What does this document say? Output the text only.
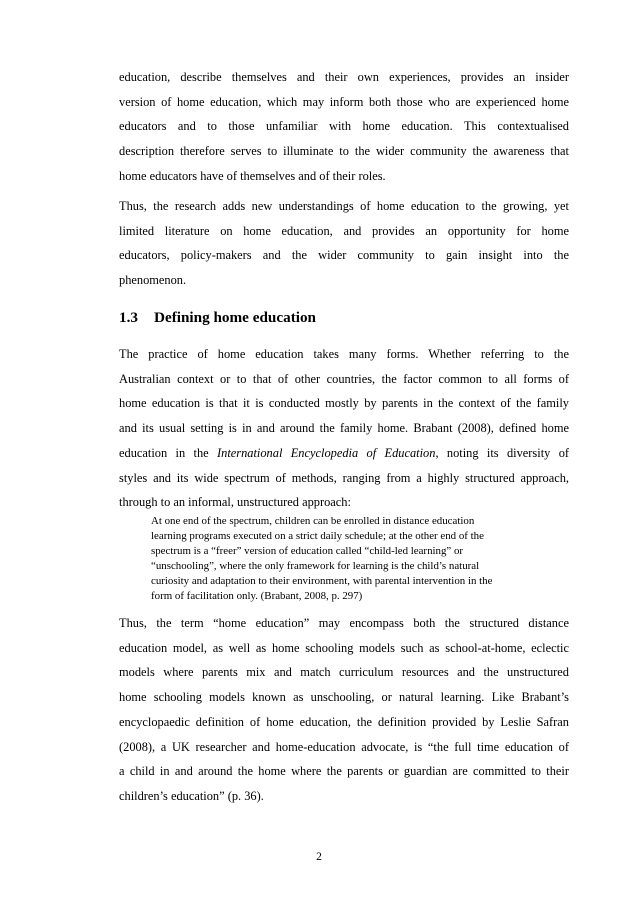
education, describe themselves and their own experiences, provides an insider
version of home education, which may inform both those who are experienced home
educators and to those unfamiliar with home education. This contextualised
description therefore serves to illuminate to the wider community the awareness that
home educators have of themselves and of their roles.
Thus, the research adds new understandings of home education to the growing, yet
limited literature on home education, and provides an opportunity for home
educators, policy-makers and the wider community to gain insight into the
phenomenon.
1.3 Defining home education
The practice of home education takes many forms. Whether referring to the
Australian context or to that of other countries, the factor common to all forms of
home education is that it is conducted mostly by parents in the context of the family
and its usual setting is in and around the family home. Brabant (2008), defined home
education in the International Encyclopedia of Education, noting its diversity of
styles and its wide spectrum of methods, ranging from a highly structured approach,
through to an informal, unstructured approach:
At one end of the spectrum, children can be enrolled in distance education
learning programs executed on a strict daily schedule; at the other end of the
spectrum is a “freer” version of education called “child-led learning” or
“unschooling”, where the only framework for learning is the child’s natural
curiosity and adaptation to their environment, with parental intervention in the
form of facilitation only. (Brabant, 2008, p. 297)
Thus, the term “home education” may encompass both the structured distance
education model, as well as home schooling models such as school-at-home, eclectic
models where parents mix and match curriculum resources and the unstructured
home schooling models known as unschooling, or natural learning. Like Brabant’s
encyclopaedic definition of home education, the definition provided by Leslie Safran
(2008), a UK researcher and home-education advocate, is “the full time education of
a child in and around the home where the parents or guardian are committed to their
children’s education” (p. 36).
2
